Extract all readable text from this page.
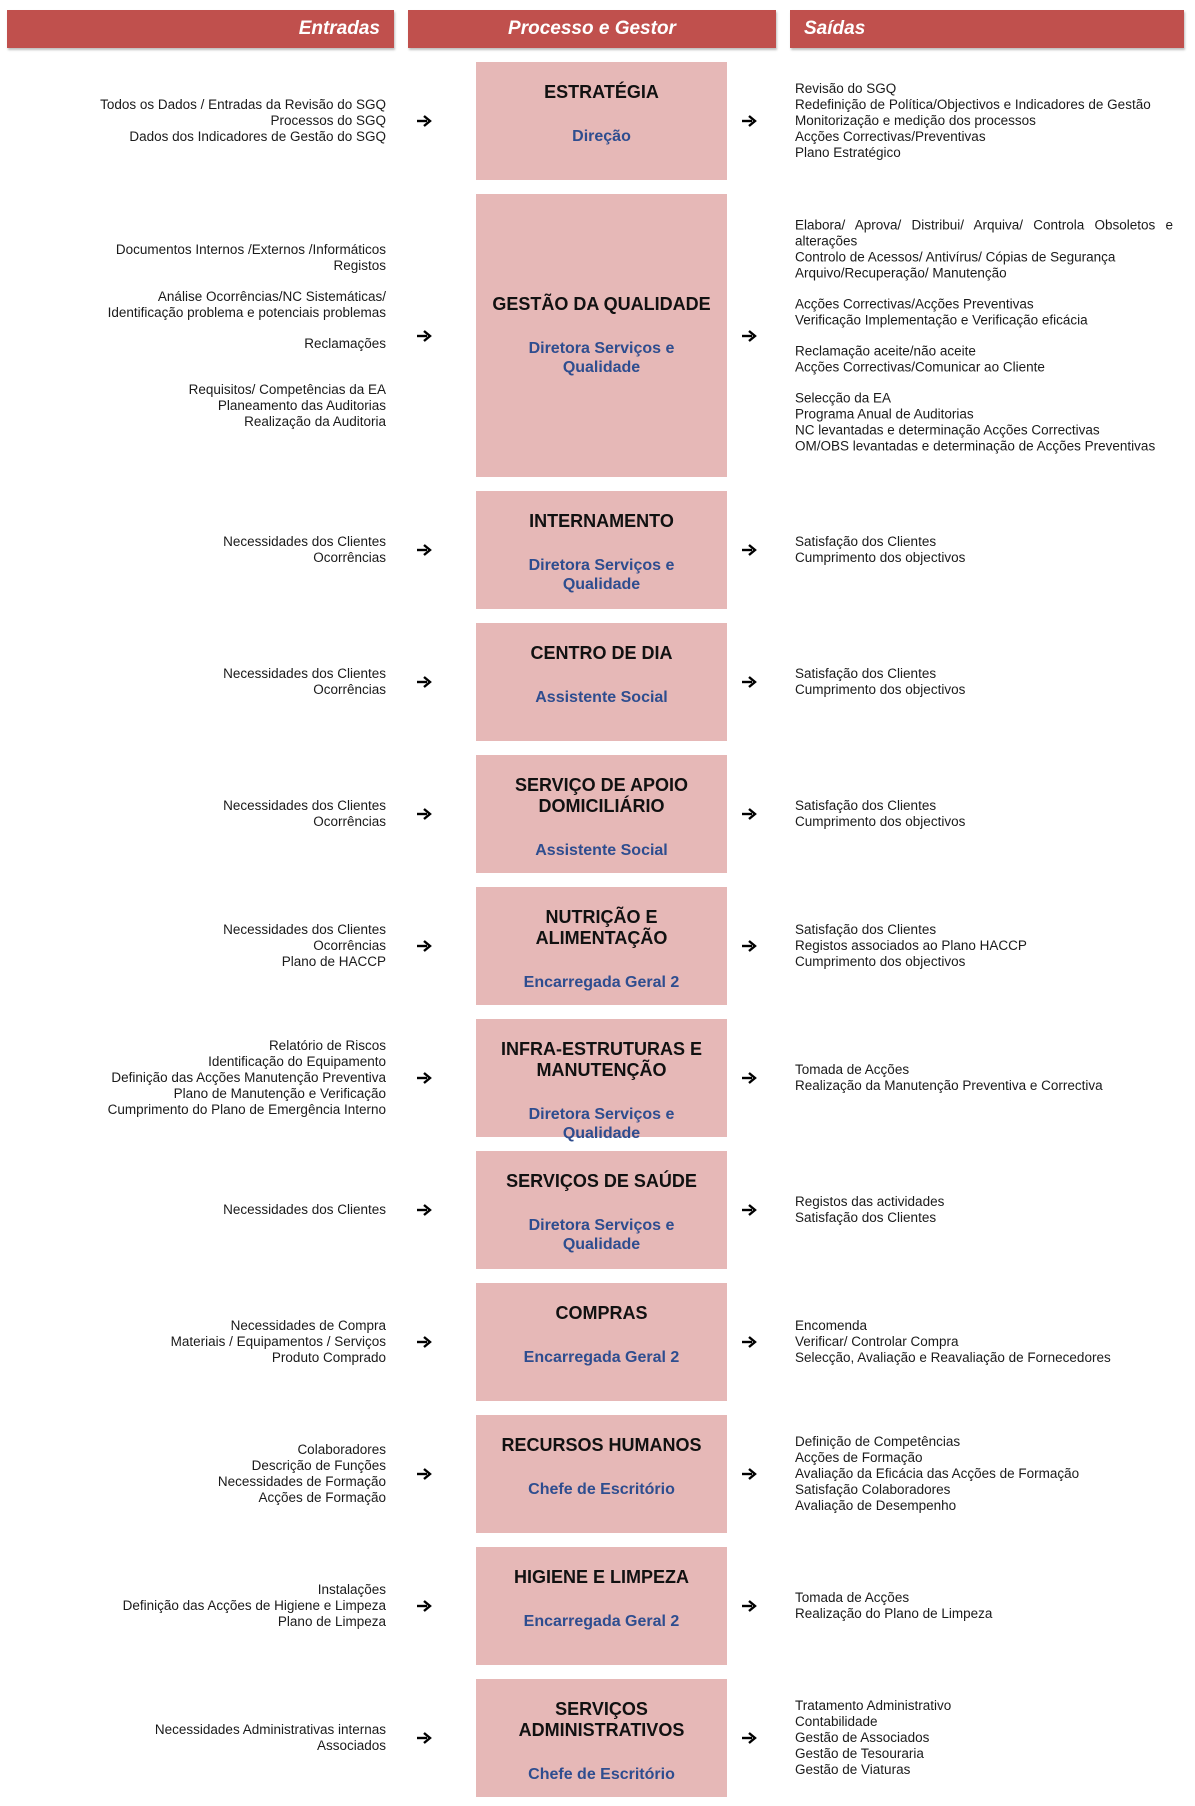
Entradas	Processo e Gestor	Saídas
Todos os Dados / Entradas da Revisão do SGQ
Processos do SGQ
Dados dos Indicadores de Gestão do SGQ
ESTRATÉGIA
Direção
Revisão do SGQ
Redefinição de Política/Objectivos e Indicadores de Gestão
Monitorização e medição dos processos
Acções Correctivas/Preventivas
Plano Estratégico
Documentos Internos /Externos /Informáticos
Registos
Análise Ocorrências/NC Sistemáticas/
Identificação problema e potenciais problemas
Reclamações
Requisitos/ Competências da EA
Planeamento das Auditorias
Realização da Auditoria
GESTÃO DA QUALIDADE
Diretora Serviços e Qualidade
Elabora/ Aprova/ Distribui/ Arquiva/ Controla Obsoletos e alterações
Controlo de Acessos/ Antivírus/ Cópias de Segurança
Arquivo/Recuperação/ Manutenção
Acções Correctivas/Acções Preventivas
Verificação Implementação e Verificação eficácia
Reclamação aceite/não aceite
Acções Correctivas/Comunicar ao Cliente
Selecção da EA
Programa Anual de Auditorias
NC levantadas e determinação Acções Correctivas
OM/OBS levantadas e determinação de Acções Preventivas
Necessidades dos Clientes
Ocorrências
INTERNAMENTO
Diretora Serviços e Qualidade
Satisfação dos Clientes
Cumprimento dos objectivos
Necessidades dos Clientes
Ocorrências
CENTRO DE DIA
Assistente Social
Satisfação dos Clientes
Cumprimento dos objectivos
Necessidades dos Clientes
Ocorrências
SERVIÇO DE APOIO DOMICILIÁRIO
Assistente Social
Satisfação dos Clientes
Cumprimento dos objectivos
Necessidades dos Clientes
Ocorrências
Plano de HACCP
NUTRIÇÃO E ALIMENTAÇÃO
Encarregada Geral 2
Satisfação dos Clientes
Registos associados ao Plano HACCP
Cumprimento dos objectivos
Relatório de Riscos
Identificação do Equipamento
Definição das Acções Manutenção Preventiva
Plano de Manutenção e Verificação
Cumprimento do Plano de Emergência Interno
INFRA-ESTRUTURAS E MANUTENÇÃO
Diretora Serviços e Qualidade
Tomada de Acções
Realização da Manutenção Preventiva e Correctiva
Necessidades dos Clientes
SERVIÇOS DE SAÚDE
Diretora Serviços e Qualidade
Registos das actividades
Satisfação dos Clientes
Necessidades de Compra
Materiais / Equipamentos / Serviços
Produto Comprado
COMPRAS
Encarregada Geral 2
Encomenda
Verificar/ Controlar Compra
Selecção, Avaliação e Reavaliação de Fornecedores
Colaboradores
Descrição de Funções
Necessidades de Formação
Acções de Formação
RECURSOS HUMANOS
Chefe de Escritório
Definição de Competências
Acções de Formação
Avaliação da Eficácia das Acções de Formação
Satisfação Colaboradores
Avaliação de Desempenho
Instalações
Definição das Acções de Higiene e Limpeza
Plano de Limpeza
HIGIENE E LIMPEZA
Encarregada Geral 2
Tomada de Acções
Realização do Plano de Limpeza
Necessidades Administrativas internas
Associados
SERVIÇOS ADMINISTRATIVOS
Chefe de Escritório
Tratamento Administrativo
Contabilidade
Gestão de Associados
Gestão de Tesouraria
Gestão de Viaturas
